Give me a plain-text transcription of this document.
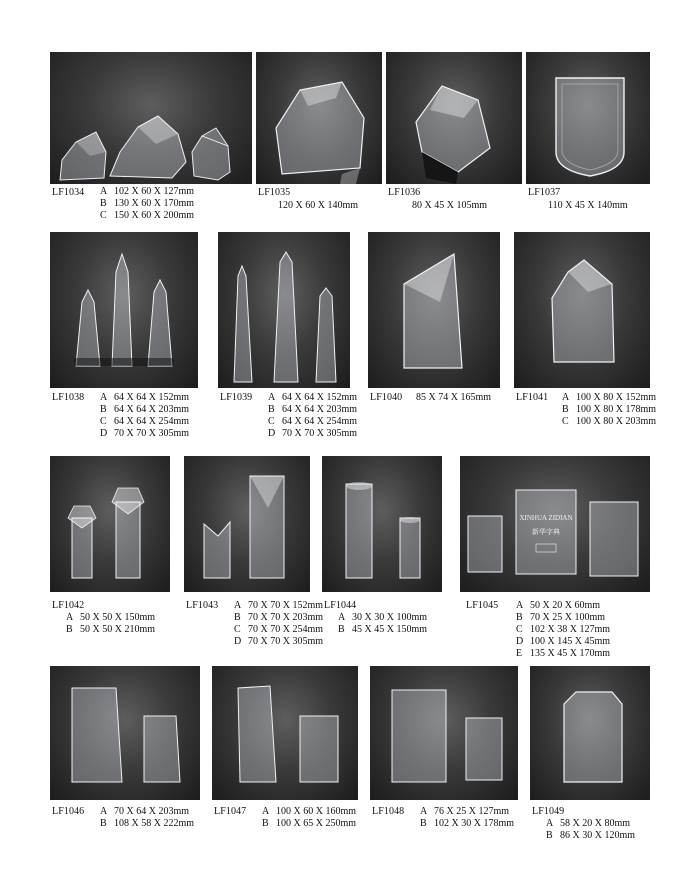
LF1034 A 102 X 60 X 127mm
B 130 X 60 X 170mm
C 150 X 60 X 200mm
LF1035
120 X 60 X 140mm
LF1036
80 X 45 X 105mm
LF1037
110 X 45 X 140mm
LF1038 A 64 X 64 X 152mm
B 64 X 64 X 203mm
C 64 X 64 X 254mm
D 70 X 70 X 305mm
LF1039 A 64 X 64 X 152mm
B 64 X 64 X 203mm
C 64 X 64 X 254mm
D 70 X 70 X 305mm
LF1040 85 X 74 X 165mm	LF1041 A 100 X 80 X 152mm
B 100 X 80 X 178mm
C 100 X 80 X 203mm
LF1042
A 50 X 50 X 150mm
B 50 X 50 X 210mm
LF1043 A 70 X 70 X 152mm
B 70 X 70 X 203mm
C 70 X 70 X 254mm
D 70 X 70 X 305mm
LF1044
A 30 X 30 X 100mm
B 45 X 45 X 150mm
XINHUA ZIDIAN
新华字典
LF1045 A 50 X 20 X 60mm
B 70 X 25 X 100mm
C 102 X 38 X 127mm
D 100 X 145 X 45mm
E 135 X 45 X 170mm
LF1046 A 70 X 64 X 203mm
B 108 X 58 X 222mm
LF1047 A 100 X 60 X 160mm
B 100 X 65 X 250mm
LF1048 A 76 X 25 X 127mm
B 102 X 30 X 178mm
LF1049
A 58 X 20 X 80mm
B 86 X 30 X 120mm
